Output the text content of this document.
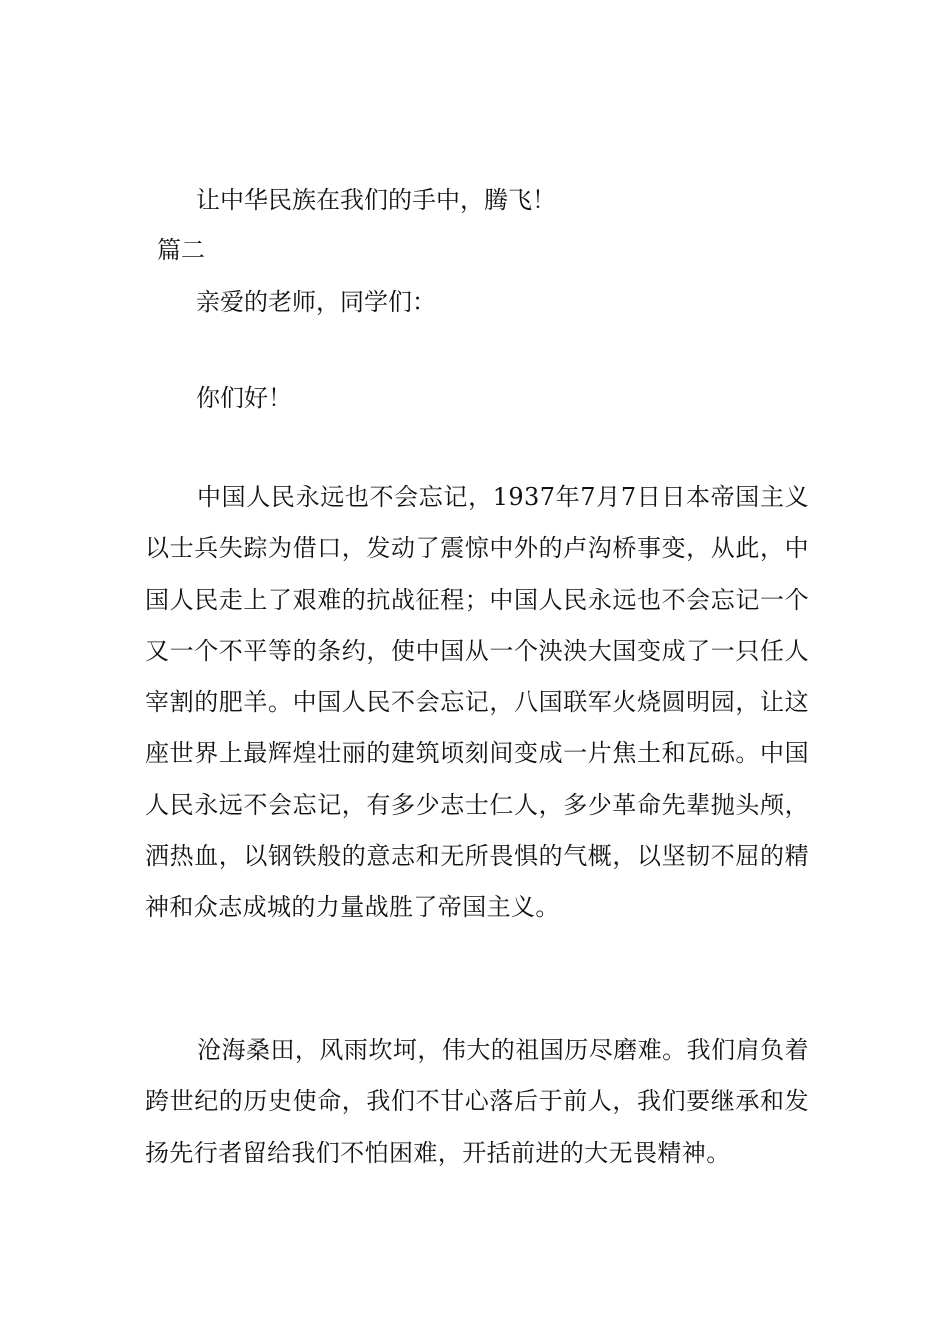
让中华民族在我们的手中，腾飞！
篇二
亲爱的老师，同学们：
你们好！
中国人民永远也不会忘记，1937年7月7日日本帝国主义以士兵失踪为借口，发动了震惊中外的卢沟桥事变，从此，中国人民走上了艰难的抗战征程；中国人民永远也不会忘记一个又一个不平等的条约，使中国从一个泱泱大国变成了一只任人宰割的肥羊。中国人民不会忘记，八国联军火烧圆明园，让这座世界上最辉煌壮丽的建筑顷刻间变成一片焦土和瓦砾。中国人民永远不会忘记，有多少志士仁人，多少革命先辈抛头颅，洒热血，以钢铁般的意志和无所畏惧的气概，以坚韧不屈的精神和众志成城的力量战胜了帝国主义。
沧海桑田，风雨坎坷，伟大的祖国历尽磨难。我们肩负着跨世纪的历史使命，我们不甘心落后于前人，我们要继承和发扬先行者留给我们不怕困难，开括前进的大无畏精神。
